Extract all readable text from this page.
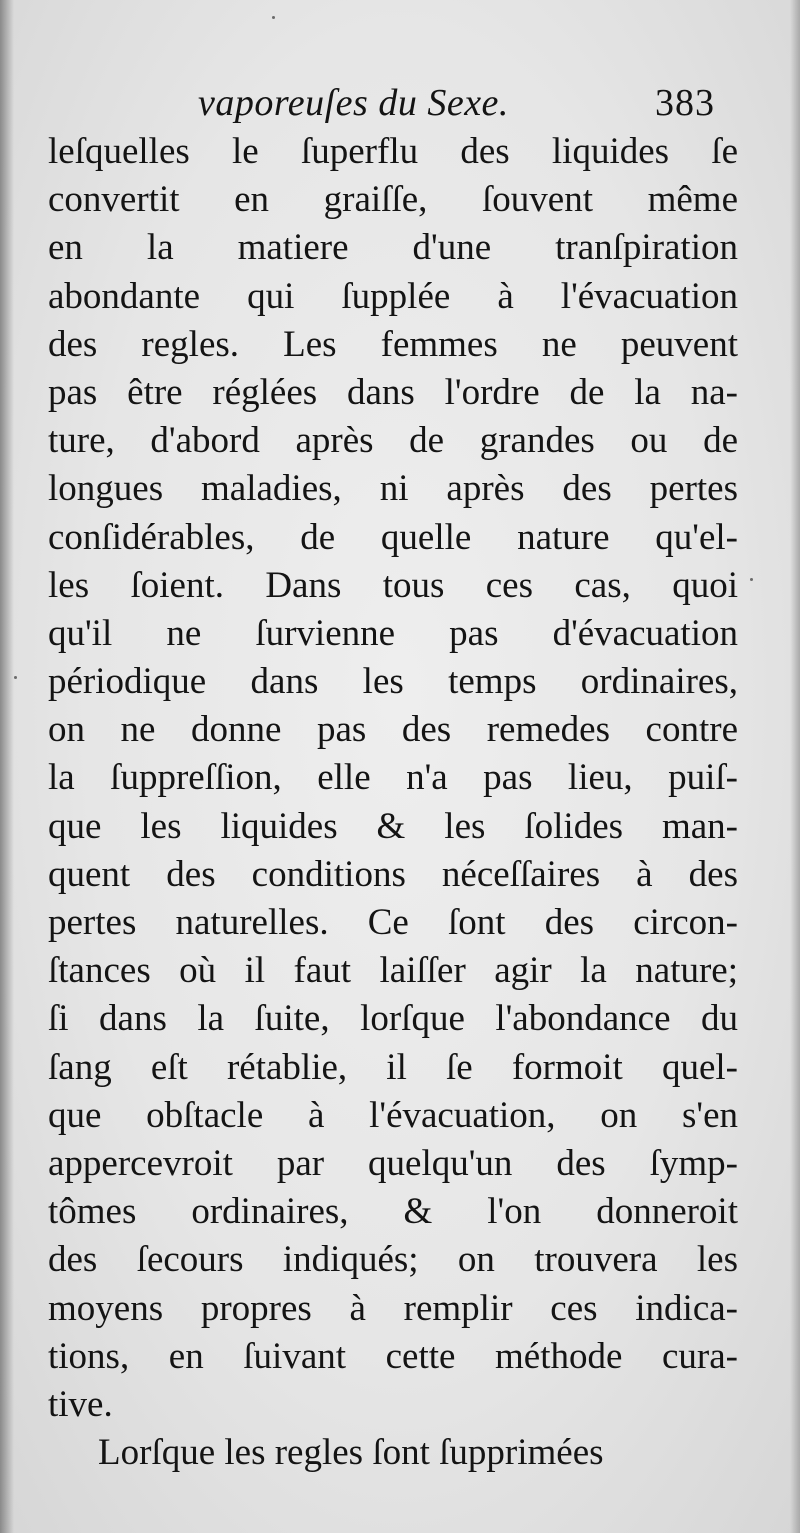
vaporeuſes du Sexe.	383
leſquelles le ſuperflu des liquides ſe
convertit en graiſſe, ſouvent même
en la matiere d'une tranſpiration
abondante qui ſupplée à l'évacuation
des regles. Les femmes ne peuvent
pas être réglées dans l'ordre de la na-
ture, d'abord après de grandes ou de
longues maladies, ni après des pertes
conſidérables, de quelle nature qu'el-
les ſoient. Dans tous ces cas, quoi
qu'il ne ſurvienne pas d'évacuation
périodique dans les temps ordinaires,
on ne donne pas des remedes contre
la ſuppreſſion, elle n'a pas lieu, puiſ-
que les liquides & les ſolides man-
quent des conditions néceſſaires à des
pertes naturelles. Ce ſont des circon-
ſtances où il faut laiſſer agir la nature;
ſi dans la ſuite, lorſque l'abondance du
ſang eſt rétablie, il ſe formoit quel-
que obſtacle à l'évacuation, on s'en
appercevroit par quelqu'un des ſymp-
tômes ordinaires, & l'on donneroit
des ſecours indiqués; on trouvera les
moyens propres à remplir ces indica-
tions, en ſuivant cette méthode cura-
tive.
Lorſque les regles ſont ſupprimées
